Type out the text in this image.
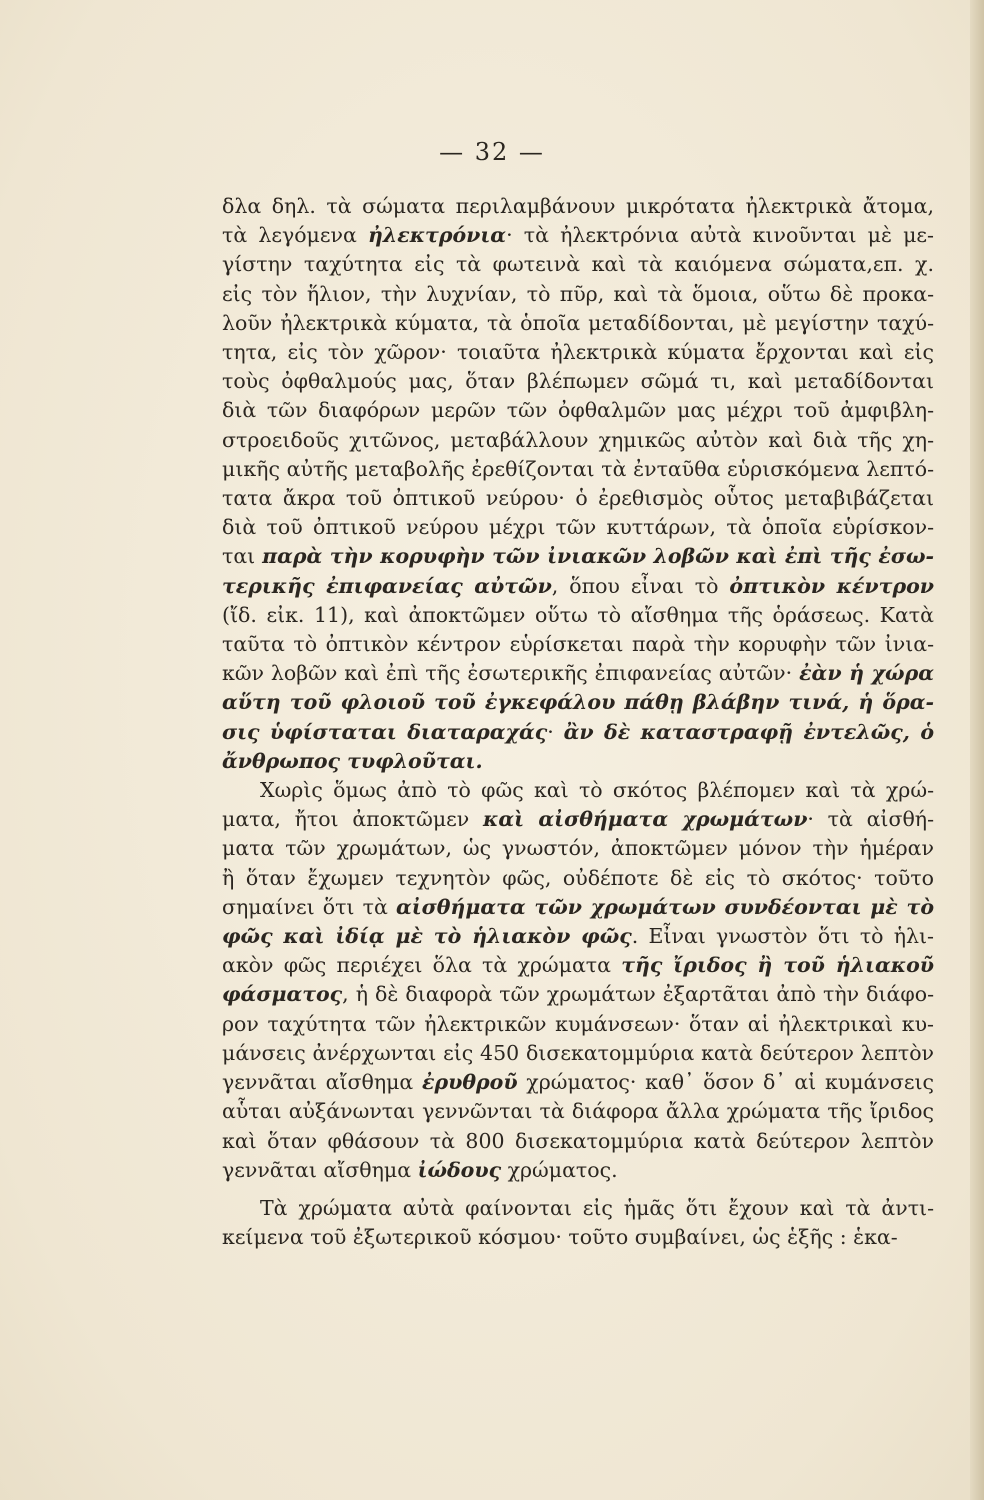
— 32 —
δλα δηλ. τὰ σώματα περιλαμβάνουν μικρότατα ἠλεκτρικὰ ἄτομα,
τὰ λεγόμενα ἠλεκτρόνια· τὰ ἠλεκτρόνια αὐτὰ κινοῦνται μὲ με-
γίστην ταχύτητα εἰς τὰ φωτεινὰ καὶ τὰ καιόμενα σώματα,επ. χ.
εἰς τὸν ἥλιον, τὴν λυχνίαν, τὸ πῦρ, καὶ τὰ ὅμοια, οὕτω δὲ προκα-
λοῦν ἠλεκτρικὰ κύματα, τὰ ὁποῖα μεταδίδονται, μὲ μεγίστην ταχύ-
τητα, εἰς τὸν χῶρον· τοιαῦτα ἠλεκτρικὰ κύματα ἔρχονται καὶ εἰς
τοὺς ὀφθαλμούς μας, ὅταν βλέπωμεν σῶμά τι, καὶ μεταδίδονται
διὰ τῶν διαφόρων μερῶν τῶν ὀφθαλμῶν μας μέχρι τοῦ ἀμφιβλη-
στροειδοῦς χιτῶνος, μεταβάλλουν χημικῶς αὐτὸν καὶ διὰ τῆς χη-
μικῆς αὐτῆς μεταβολῆς ἐρεθίζονται τὰ ἐνταῦθα εὑρισκόμενα λεπτό-
τατα ἄκρα τοῦ ὀπτικοῦ νεύρου· ὁ ἐρεθισμὸς οὗτος μεταβιβάζεται
διὰ τοῦ ὀπτικοῦ νεύρου μέχρι τῶν κυττάρων, τὰ ὁποῖα εὑρίσκον-
ται παρὰ τὴν κορυφὴν τῶν ἰνιακῶν λοβῶν καὶ ἐπὶ τῆς ἐσω-
τερικῆς ἐπιφανείας αὐτῶν, ὅπου εἶναι τὸ ὀπτικὸν κέντρον
(ἴδ. εἰκ. 11), καὶ ἀποκτῶμεν οὕτω τὸ αἴσθημα τῆς ὁράσεως. Κατὰ
ταῦτα τὸ ὀπτικὸν κέντρον εὑρίσκεται παρὰ τὴν κορυφὴν τῶν ἰνια-
κῶν λοβῶν καὶ ἐπὶ τῆς ἐσωτερικῆς ἐπιφανείας αὐτῶν· ἐὰν ἡ χώρα
αὕτη τοῦ φλοιοῦ τοῦ ἐγκεφάλου πάθῃ βλάβην τινά, ἡ ὅρα-
σις ὑφίσταται διαταραχάς· ἂν δὲ καταστραφῇ ἐντελῶς, ὁ
ἄνθρωπος τυφλοῦται.
Χωρὶς ὅμως ἀπὸ τὸ φῶς καὶ τὸ σκότος βλέπομεν καὶ τὰ χρώ-
ματα, ἤτοι ἀποκτῶμεν καὶ αἰσθήματα χρωμάτων· τὰ αἰσθή-
ματα τῶν χρωμάτων, ὡς γνωστόν, ἀποκτῶμεν μόνον τὴν ἡμέραν
ἢ ὅταν ἔχωμεν τεχνητὸν φῶς, οὐδέποτε δὲ εἰς τὸ σκότος· τοῦτο
σημαίνει ὅτι τὰ αἰσθήματα τῶν χρωμάτων συνδέονται μὲ τὸ
φῶς καὶ ἰδίᾳ μὲ τὸ ἡλιακὸν φῶς. Εἶναι γνωστὸν ὅτι τὸ ἡλι-
ακὸν φῶς περιέχει ὅλα τὰ χρώματα τῆς ἴριδος ἢ τοῦ ἡλιακοῦ
φάσματος, ἡ δὲ διαφορὰ τῶν χρωμάτων ἐξαρτᾶται ἀπὸ τὴν διάφο-
ρον ταχύτητα τῶν ἠλεκτρικῶν κυμάνσεων· ὅταν αἱ ἠλεκτρικαὶ κυ-
μάνσεις ἀνέρχωνται εἰς 450 δισεκατομμύρια κατὰ δεύτερον λεπτὸν
γεννᾶται αἴσθημα ἐρυθροῦ χρώματος· καθ᾽ ὅσον δ᾽ αἱ κυμάνσεις
αὗται αὐξάνωνται γεννῶνται τὰ διάφορα ἄλλα χρώματα τῆς ἴριδος
καὶ ὅταν φθάσουν τὰ 800 δισεκατομμύρια κατὰ δεύτερον λεπτὸν
γεννᾶται αἴσθημα ἰώδους χρώματος.
Τὰ χρώματα αὐτὰ φαίνονται εἰς ἡμᾶς ὅτι ἔχουν καὶ τὰ ἀντι-
κείμενα τοῦ ἐξωτερικοῦ κόσμου· τοῦτο συμβαίνει, ὡς ἑξῆς : ἑκα-
